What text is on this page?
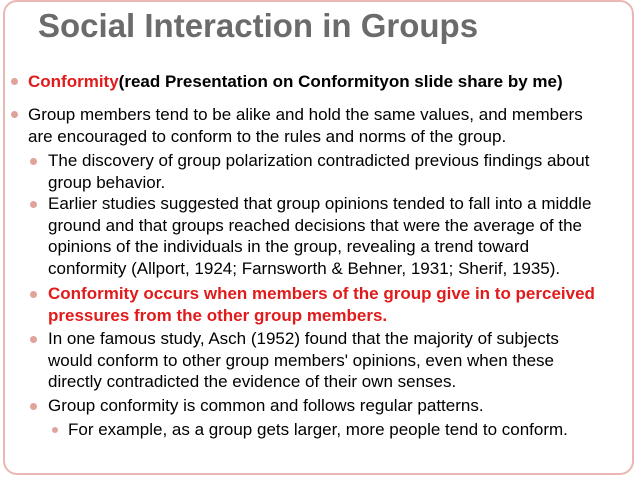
Social Interaction in Groups
Conformity(read Presentation on Conformityon slide share by me)
Group members tend to be alike and hold the same values, and members
are encouraged to conform to the rules and norms of the group.
The discovery of group polarization contradicted previous findings about
group behavior.
Earlier studies suggested that group opinions tended to fall into a middle
ground and that groups reached decisions that were the average of the
opinions of the individuals in the group, revealing a trend toward
conformity (Allport, 1924; Farnsworth & Behner, 1931; Sherif, 1935).
Conformity occurs when members of the group give in to perceived
pressures from the other group members.
In one famous study, Asch (1952) found that the majority of subjects
would conform to other group members' opinions, even when these
directly contradicted the evidence of their own senses.
Group conformity is common and follows regular patterns.
For example, as a group gets larger, more people tend to conform.
